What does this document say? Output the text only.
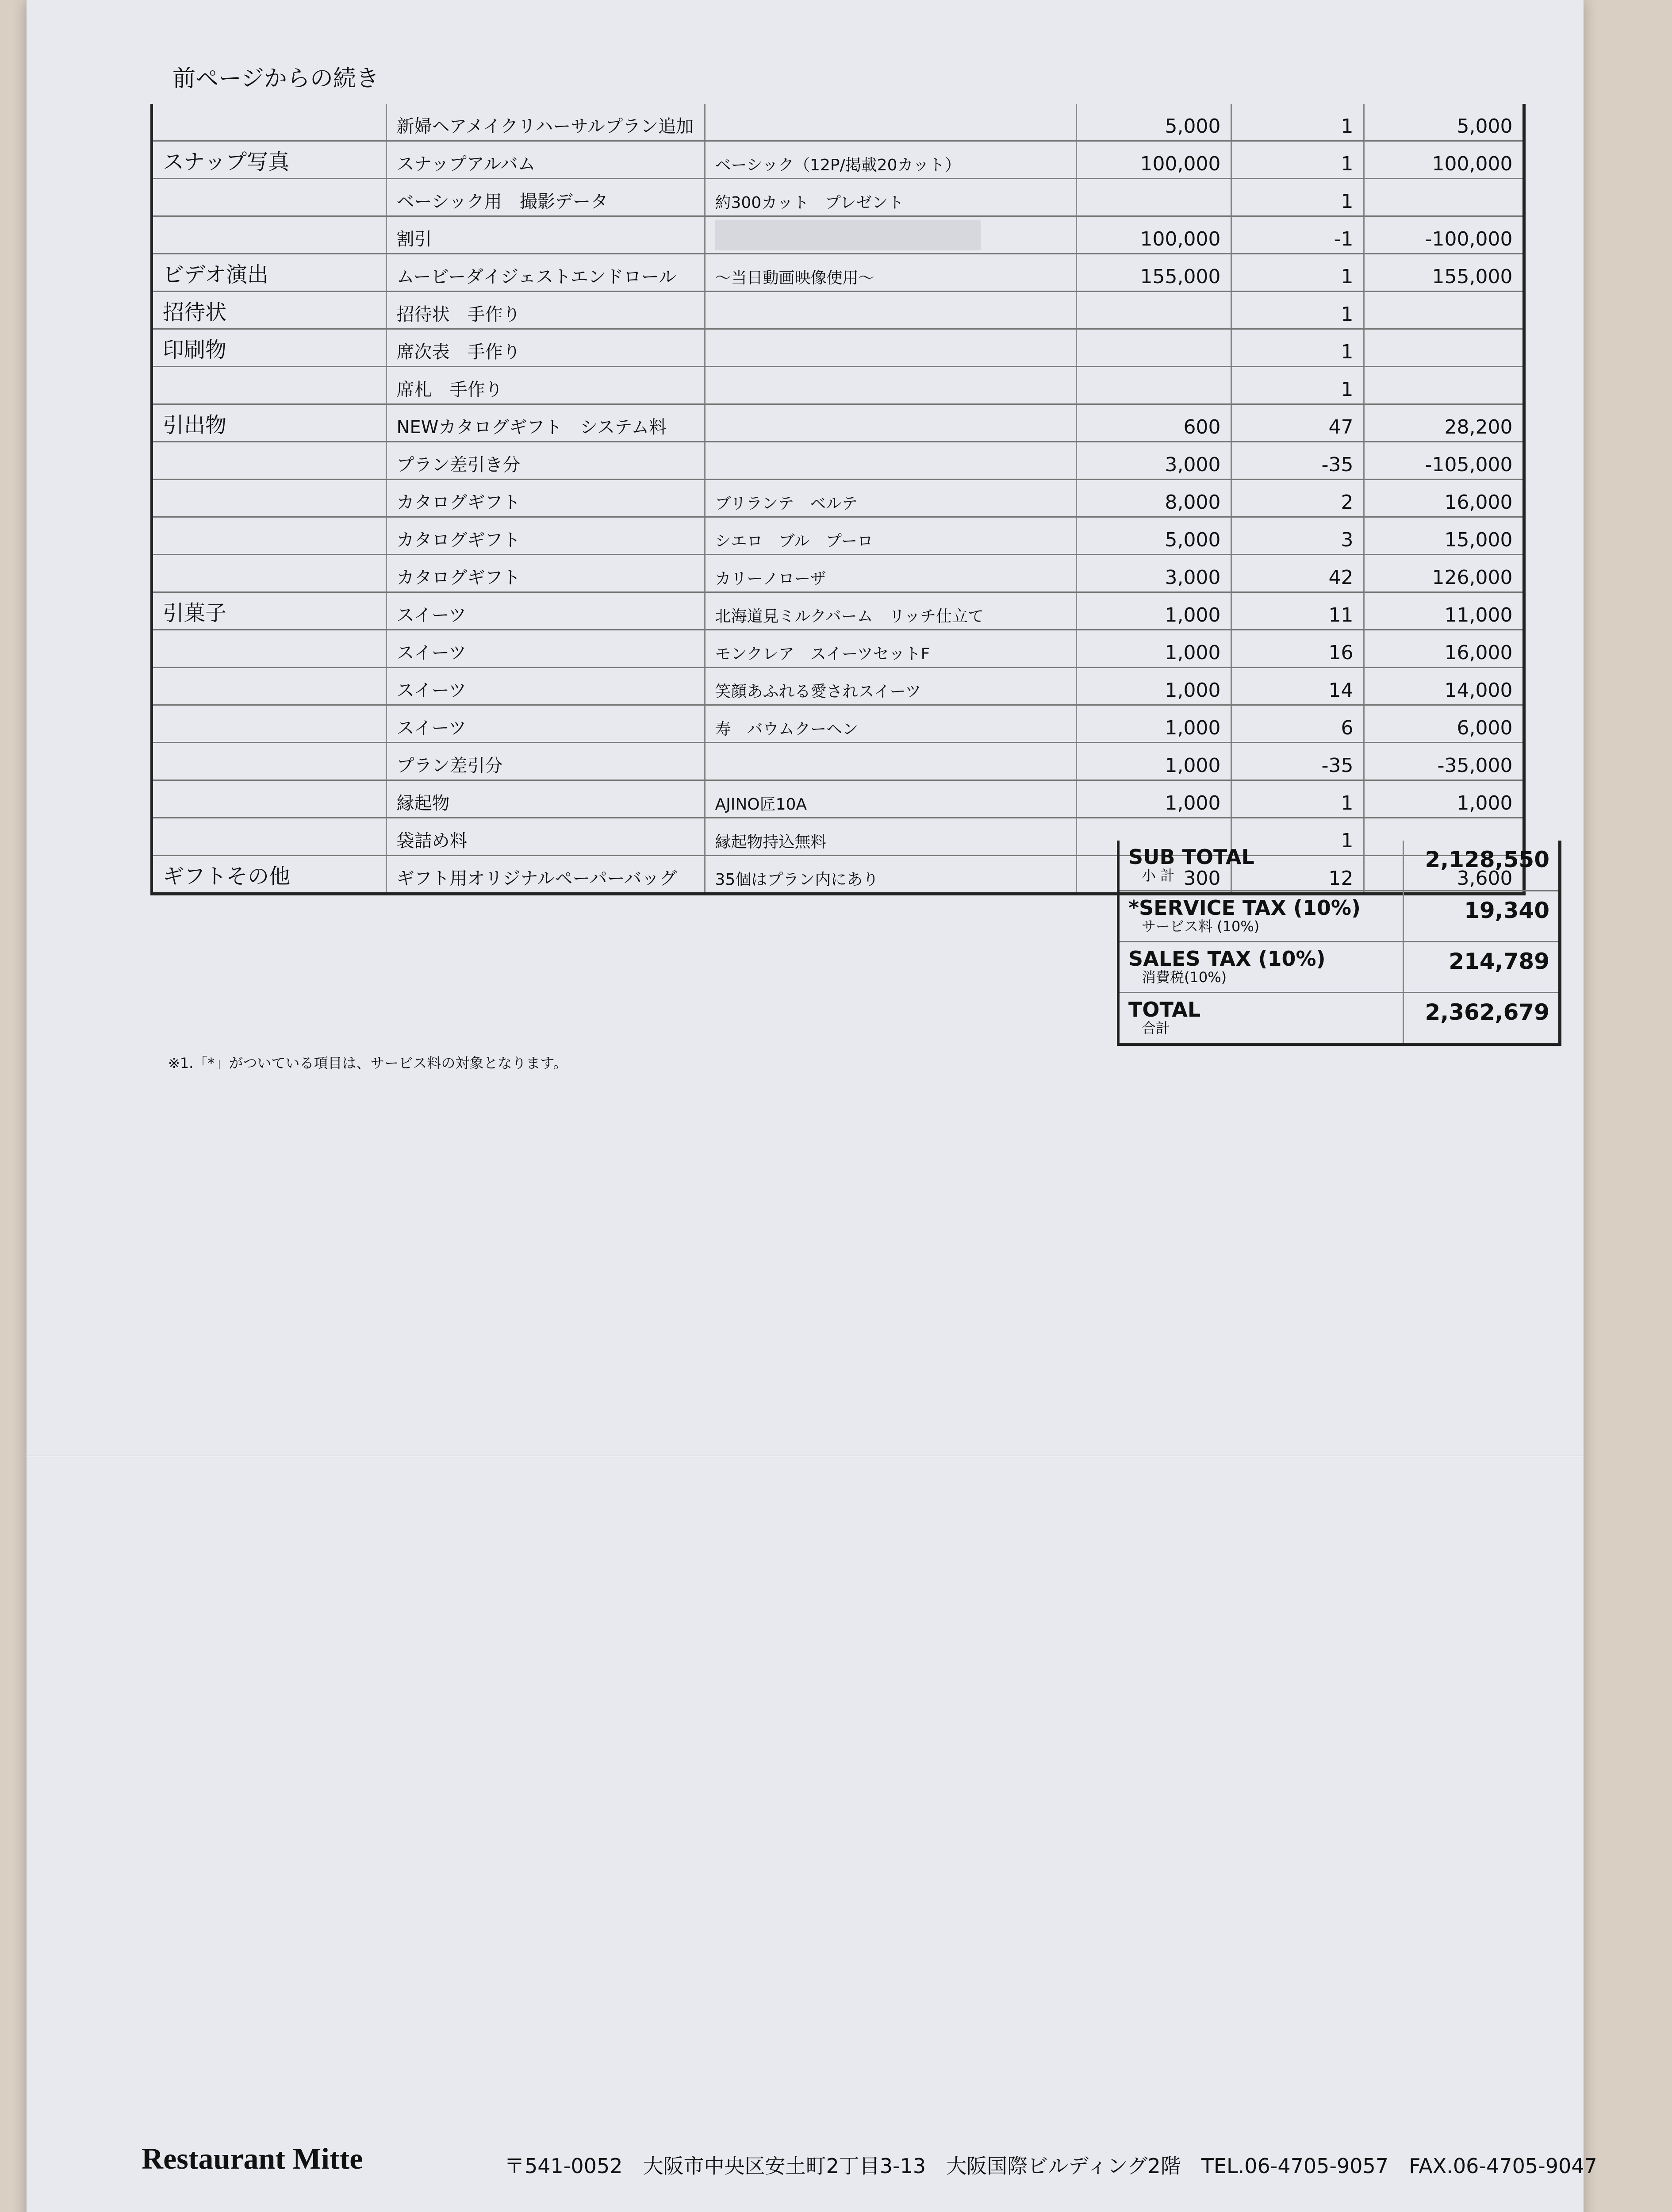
前ページからの続き
	新婦ヘアメイクリハーサルプラン追加		5,000	1	5,000
スナップ写真	スナップアルバム	ベーシック（12P/掲載20カット）	100,000	1	100,000
	ベーシック用　撮影データ	約300カット　プレゼント		1	
	割引		100,000	-1	-100,000
ビデオ演出	ムービーダイジェストエンドロール	〜当日動画映像使用〜	155,000	1	155,000
招待状	招待状　手作り			1	
印刷物	席次表　手作り			1	
	席札　手作り			1	
引出物	NEWカタログギフト　システム料		600	47	28,200
	プラン差引き分		3,000	-35	-105,000
	カタログギフト	ブリランテ　ベルテ	8,000	2	16,000
	カタログギフト	シエロ　ブル　プーロ	5,000	3	15,000
	カタログギフト	カリーノローザ	3,000	42	126,000
引菓子	スイーツ	北海道見ミルクバーム　リッチ仕立て	1,000	11	11,000
	スイーツ	モンクレア　スイーツセットF	1,000	16	16,000
	スイーツ	笑顔あふれる愛されスイーツ	1,000	14	14,000
	スイーツ	寿　バウムクーヘン	1,000	6	6,000
	プラン差引分		1,000	-35	-35,000
	縁起物	AJINO匠10A	1,000	1	1,000
	袋詰め料	縁起物持込無料		1	
ギフトその他	ギフト用オリジナルペーパーバッグ	35個はプラン内にあり	300	12	3,600
SUB TOTAL
小 計	2,128,550

*SERVICE TAX (10%)
サービス料 (10%)	19,340

SALES TAX (10%)
消費税(10%)	214,789

TOTAL
合計	2,362,679
※1.「*」がついている項目は、サービス料の対象となります。
Restaurant Mitte	〒541-0052　大阪市中央区安土町2丁目3-13　大阪国際ビルディング2階　TEL.06-4705-9057　FAX.06-4705-9047
